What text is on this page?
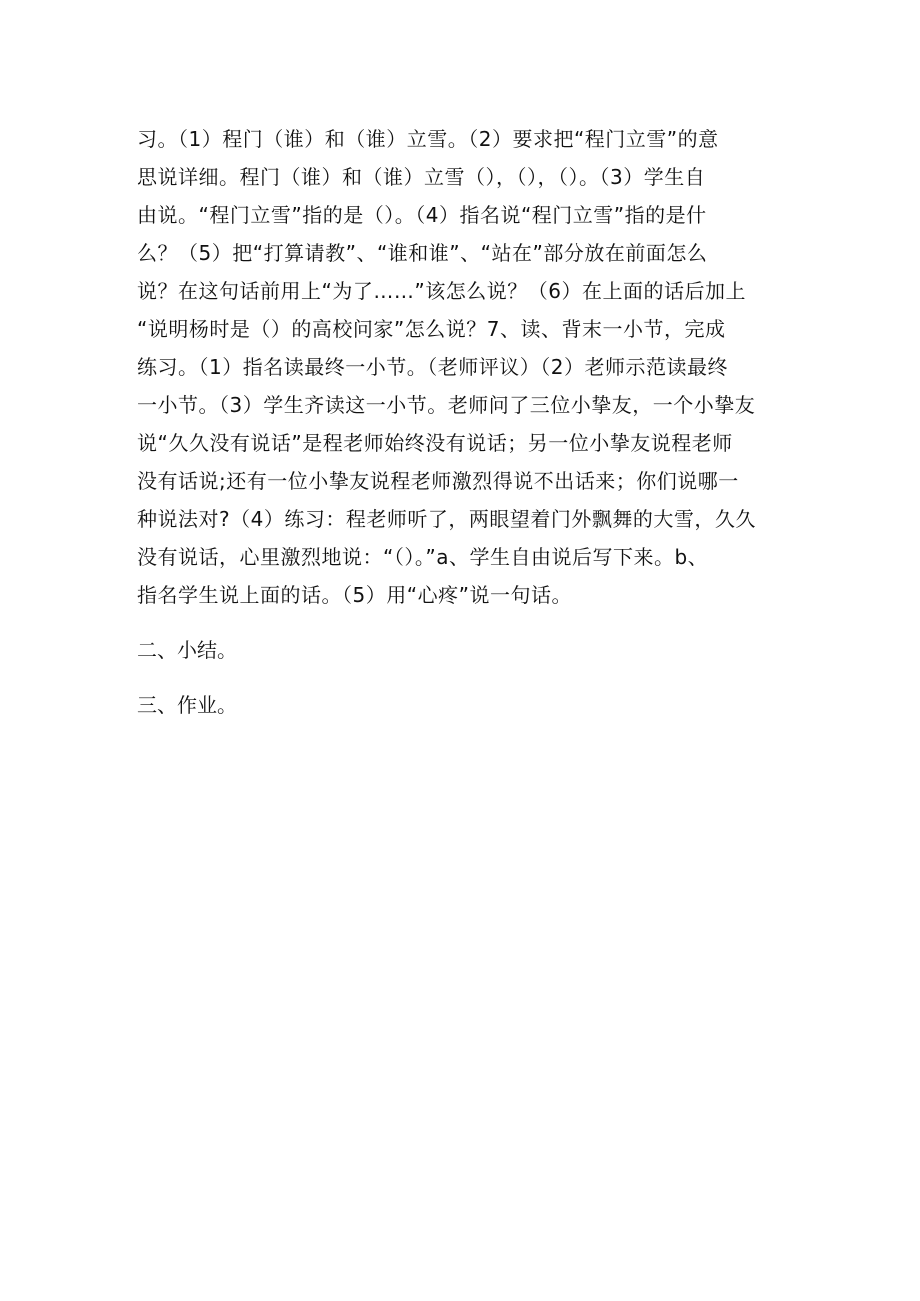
习。（1）程门（谁）和（谁）立雪。（2）要求把“程门立雪”的意
思说详细。程门（谁）和（谁）立雪（），（），（）。（3）学生自
由说。“程门立雪”指的是（）。（4）指名说“程门立雪”指的是什
么？（5）把“打算请教”、“谁和谁”、“站在”部分放在前面怎么
说？在这句话前用上“为了……”该怎么说？（6）在上面的话后加上
“说明杨时是（）的高校问家”怎么说？7、读、背末一小节，完成
练习。（1）指名读最终一小节。（老师评议）（2）老师示范读最终
一小节。（3）学生齐读这一小节。老师问了三位小挚友，一个小挚友
说“久久没有说话”是程老师始终没有说话；另一位小挚友说程老师
没有话说;还有一位小挚友说程老师激烈得说不出话来；你们说哪一
种说法对?（4）练习：程老师听了，两眼望着门外飘舞的大雪，久久
没有说话，心里激烈地说：“（）。”a、学生自由说后写下来。b、
指名学生说上面的话。（5）用“心疼”说一句话。
二、小结。
三、作业。
